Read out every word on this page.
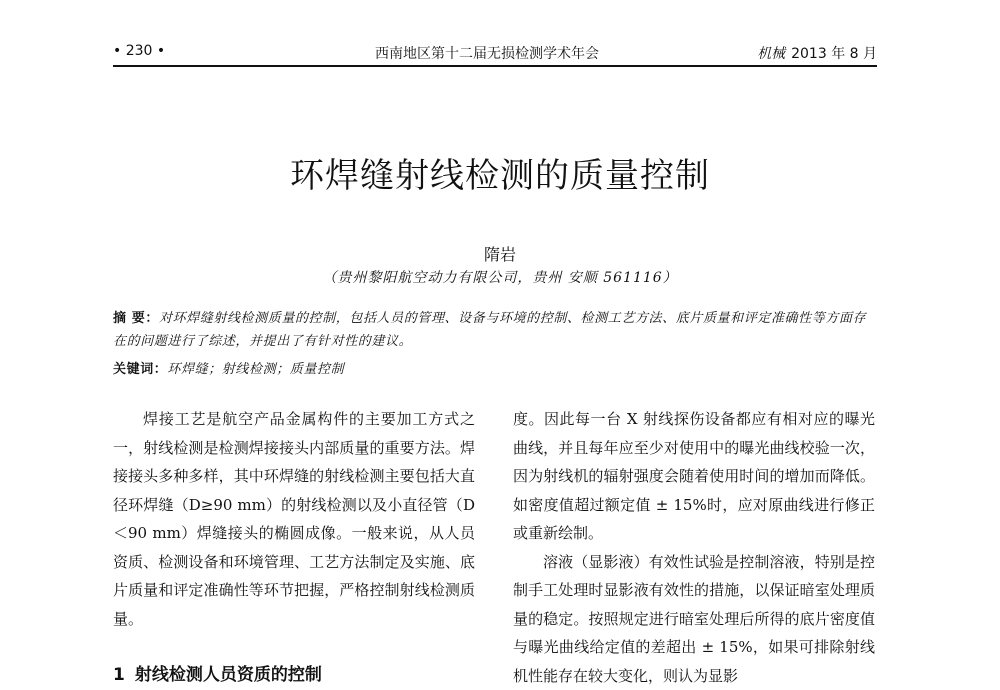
• 230 •	西南地区第十二届无损检测学术年会	机械 2013 年 8 月
环焊缝射线检测的质量控制
隋岩
（贵州黎阳航空动力有限公司，贵州 安顺 561116）
摘 要：对环焊缝射线检测质量的控制，包括人员的管理、设备与环境的控制、检测工艺方法、底片质量和评定准确性等方面存在的问题进行了综述，并提出了有针对性的建议。
关键词：环焊缝；射线检测；质量控制

焊接工艺是航空产品金属构件的主要加工方式之一，射线检测是检测焊接接头内部质量的重要方法。焊接接头多种多样，其中环焊缝的射线检测主要包括大直径环焊缝（D≥90 mm）的射线检测以及小直径管（D＜90 mm）焊缝接头的椭圆成像。一般来说，从人员资质、检测设备和环境管理、工艺方法制定及实施、底片质量和评定准确性等环节把握，严格控制射线检测质量。

1 射线检测人员资质的控制

度。因此每一台 X 射线探伤设备都应有相对应的曝光曲线，并且每年应至少对使用中的曝光曲线校验一次，因为射线机的辐射强度会随着使用时间的增加而降低。如密度值超过额定值 ± 15%时，应对原曲线进行修正或重新绘制。

溶液（显影液）有效性试验是控制溶液，特别是控制手工处理时显影液有效性的措施，以保证暗室处理质量的稳定。按照规定进行暗室处理后所得的底片密度值与曝光曲线给定值的差超出 ± 15%，如果可排除射线机性能存在较大变化，则认为显影
